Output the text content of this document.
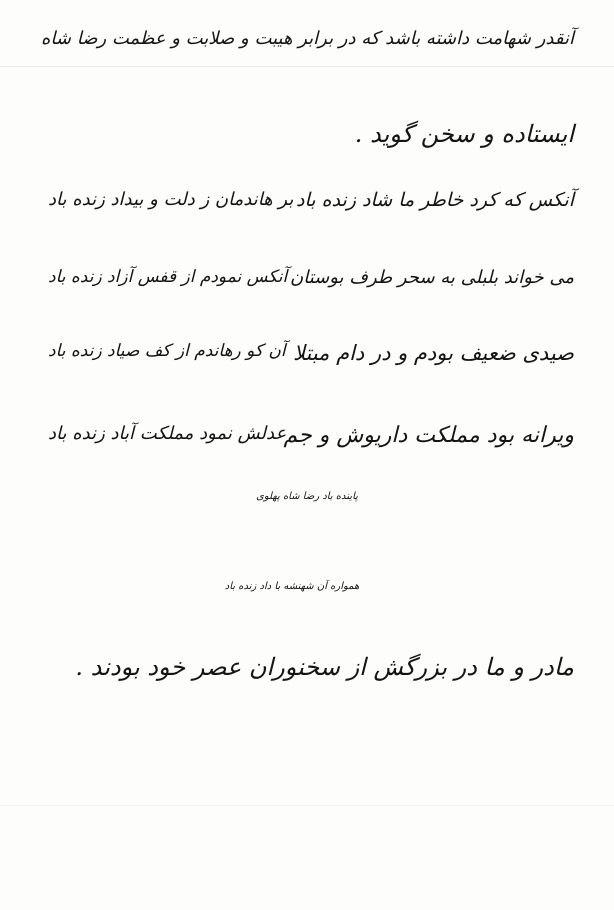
آنقدر شهامت داشته باشد که در برابر هیبت و صلابت و عظمت رضا شاه
ایستاده و سخن گوید .
آنکس که کرد خاطر ما شاد زنده باد
بر هاندمان ز دلت و بیداد زنده باد
می خواند بلبلی به سحر طرف بوستان
آنکس نمودم از قفس آزاد زنده باد
صیدی ضعیف بودم و در دام مبتلا
آن کو رهاندم از کف صیاد زنده باد
ویرانه بود مملکت داریوش و جم
عدلش نمود مملکت آباد زنده باد
پاینده باد رضا شاه پهلوی
همواره آن شهنشه با داد زنده باد
مادر و ما در بزرگش از سخنوران عصر خود بودند .
